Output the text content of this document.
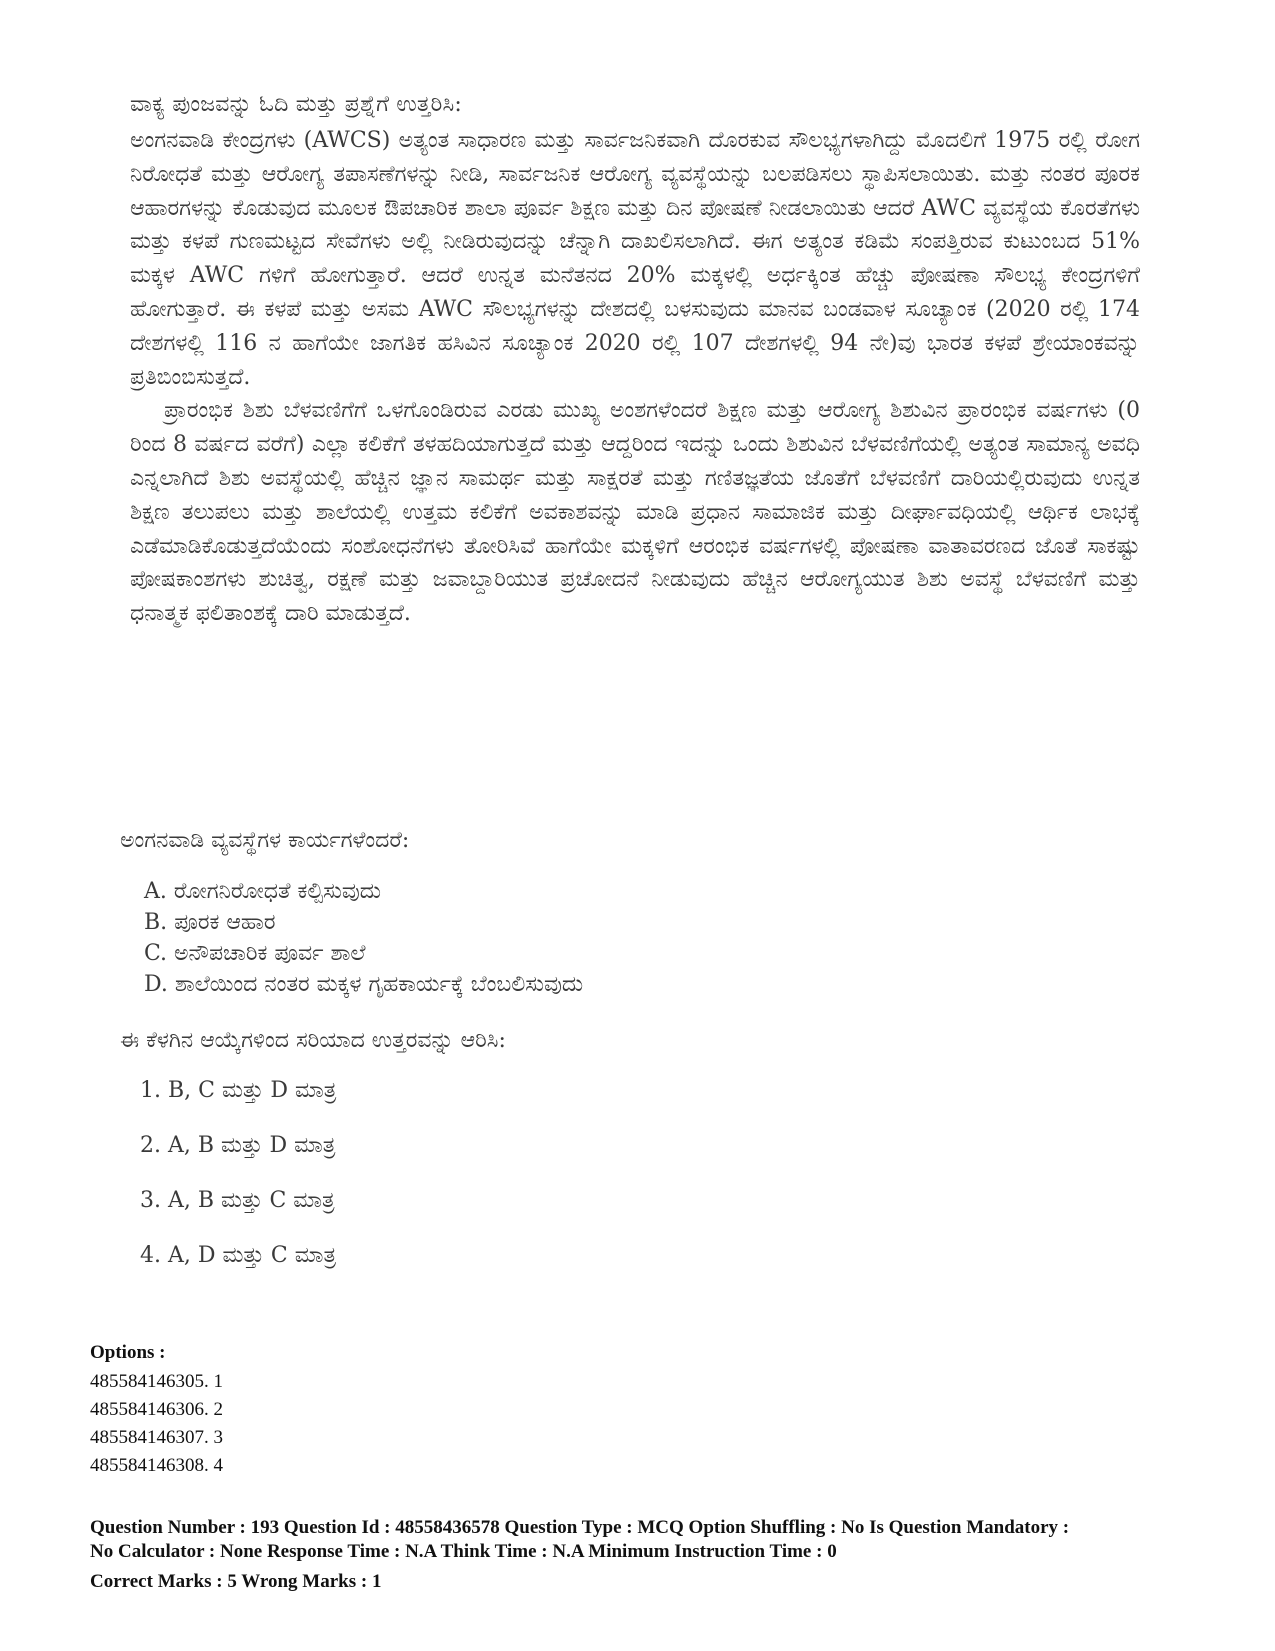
ವಾಕ್ಯ ಪುಂಜವನ್ನು ಓದಿ ಮತ್ತು ಪ್ರಶ್ನೆಗೆ ಉತ್ತರಿಸಿ:

ಅಂಗನವಾಡಿ ಕೇಂದ್ರಗಳು (AWCS) ಅತ್ಯಂತ ಸಾಧಾರಣ ಮತ್ತು ಸಾರ್ವಜನಿಕವಾಗಿ ದೊರಕುವ ಸೌಲಭ್ಯಗಳಾಗಿದ್ದು ಮೊದಲಿಗೆ 1975 ರಲ್ಲಿ ರೋಗ ನಿರೋಧತೆ ಮತ್ತು ಆರೋಗ್ಯ ತಪಾಸಣೆಗಳನ್ನು ನೀಡಿ, ಸಾರ್ವಜನಿಕ ಆರೋಗ್ಯ ವ್ಯವಸ್ಥೆಯನ್ನು ಬಲಪಡಿಸಲು ಸ್ಥಾಪಿಸಲಾಯಿತು. ಮತ್ತು ನಂತರ ಪೂರಕ ಆಹಾರಗಳನ್ನು ಕೊಡುವುದ ಮೂಲಕ ಔಪಚಾರಿಕ ಶಾಲಾ ಪೂರ್ವ ಶಿಕ್ಷಣ ಮತ್ತು ದಿನ ಪೋಷಣೆ ನೀಡಲಾಯಿತು ಆದರೆ AWC ವ್ಯವಸ್ಥೆಯ ಕೊರತೆಗಳು ಮತ್ತು ಕಳಪೆ ಗುಣಮಟ್ಟದ ಸೇವೆಗಳು ಅಲ್ಲಿ ನೀಡಿರುವುದನ್ನು ಚೆನ್ನಾಗಿ ದಾಖಲಿಸಲಾಗಿದೆ. ಈಗ ಅತ್ಯಂತ ಕಡಿಮೆ ಸಂಪತ್ತಿರುವ ಕುಟುಂಬದ 51% ಮಕ್ಕಳ AWC ಗಳಿಗೆ ಹೋಗುತ್ತಾರೆ. ಆದರೆ ಉನ್ನತ ಮನೆತನದ 20% ಮಕ್ಕಳಲ್ಲಿ ಅರ್ಧಕ್ಕಿಂತ ಹೆಚ್ಚು ಪೋಷಣಾ ಸೌಲಭ್ಯ ಕೇಂದ್ರಗಳಿಗೆ ಹೋಗುತ್ತಾರೆ. ಈ ಕಳಪೆ ಮತ್ತು ಅಸಮ AWC ಸೌಲಭ್ಯಗಳನ್ನು ದೇಶದಲ್ಲಿ ಬಳಸುವುದು ಮಾನವ ಬಂಡವಾಳ ಸೂಚ್ಯಾಂಕ (2020 ರಲ್ಲಿ 174 ದೇಶಗಳಲ್ಲಿ 116 ನ ಹಾಗೆಯೇ ಜಾಗತಿಕ ಹಸಿವಿನ ಸೂಚ್ಯಾಂಕ 2020 ರಲ್ಲಿ 107 ದೇಶಗಳಲ್ಲಿ 94 ನೇ)ವು ಭಾರತ ಕಳಪೆ ಶ್ರೇಯಾಂಕವನ್ನು ಪ್ರತಿಬಿಂಬಿಸುತ್ತದೆ.

ಪ್ರಾರಂಭಿಕ ಶಿಶು ಬೆಳವಣಿಗೆಗೆ ಒಳಗೊಂಡಿರುವ ಎರಡು ಮುಖ್ಯ ಅಂಶಗಳೆಂದರೆ ಶಿಕ್ಷಣ ಮತ್ತು ಆರೋಗ್ಯ ಶಿಶುವಿನ ಪ್ರಾರಂಭಿಕ ವರ್ಷಗಳು (0 ರಿಂದ 8 ವರ್ಷದ ವರೆಗೆ) ಎಲ್ಲಾ ಕಲಿಕೆಗೆ ತಳಹದಿಯಾಗುತ್ತದೆ ಮತ್ತು ಆದ್ದರಿಂದ ಇದನ್ನು ಒಂದು ಶಿಶುವಿನ ಬೆಳವಣಿಗೆಯಲ್ಲಿ ಅತ್ಯಂತ ಸಾಮಾನ್ಯ ಅವಧಿ ಎನ್ನಲಾಗಿದೆ ಶಿಶು ಅವಸ್ಥೆಯಲ್ಲಿ ಹೆಚ್ಚಿನ ಜ್ಞಾನ ಸಾಮರ್ಥ ಮತ್ತು ಸಾಕ್ಷರತೆ ಮತ್ತು ಗಣಿತಜ್ಞತೆಯ ಜೊತೆಗೆ ಬೆಳವಣಿಗೆ ದಾರಿಯಲ್ಲಿರುವುದು ಉನ್ನತ ಶಿಕ್ಷಣ ತಲುಪಲು ಮತ್ತು ಶಾಲೆಯಲ್ಲಿ ಉತ್ತಮ ಕಲಿಕೆಗೆ ಅವಕಾಶವನ್ನು ಮಾಡಿ ಪ್ರಧಾನ ಸಾಮಾಜಿಕ ಮತ್ತು ದೀರ್ಘಾವಧಿಯಲ್ಲಿ ಆರ್ಥಿಕ ಲಾಭಕ್ಕೆ ಎಡೆಮಾಡಿಕೊಡುತ್ತದೆಯೆಂದು ಸಂಶೋಧನೆಗಳು ತೋರಿಸಿವೆ ಹಾಗೆಯೇ ಮಕ್ಕಳಿಗೆ ಆರಂಭಿಕ ವರ್ಷಗಳಲ್ಲಿ ಪೋಷಣಾ ವಾತಾವರಣದ ಜೊತೆ ಸಾಕಷ್ಟು ಪೋಷಕಾಂಶಗಳು ಶುಚಿತ್ವ, ರಕ್ಷಣೆ ಮತ್ತು ಜವಾಬ್ದಾರಿಯುತ ಪ್ರಚೋದನೆ ನೀಡುವುದು ಹೆಚ್ಚಿನ ಆರೋಗ್ಯಯುತ ಶಿಶು ಅವಸ್ಥೆ ಬೆಳವಣಿಗೆ ಮತ್ತು ಧನಾತ್ಮಕ ಫಲಿತಾಂಶಕ್ಕೆ ದಾರಿ ಮಾಡುತ್ತದೆ.

ಅಂಗನವಾಡಿ ವ್ಯವಸ್ಥೆಗಳ ಕಾರ್ಯಗಳೆಂದರೆ:
A. ರೋಗನಿರೋಧತೆ ಕಲ್ಪಿಸುವುದು
B. ಪೂರಕ ಆಹಾರ
C. ಅನೌಪಚಾರಿಕ ಪೂರ್ವ ಶಾಲೆ
D. ಶಾಲೆಯಿಂದ ನಂತರ ಮಕ್ಕಳ ಗೃಹಕಾರ್ಯಕ್ಕೆ ಬೆಂಬಲಿಸುವುದು
ಈ ಕೆಳಗಿನ ಆಯ್ಕೆಗಳಿಂದ ಸರಿಯಾದ ಉತ್ತರವನ್ನು ಆರಿಸಿ:
1. B, C ಮತ್ತು D ಮಾತ್ರ
2. A, B ಮತ್ತು D ಮಾತ್ರ
3. A, B ಮತ್ತು C ಮಾತ್ರ
4. A, D ಮತ್ತು C ಮಾತ್ರ
Options :
485584146305. 1
485584146306. 2
485584146307. 3
485584146308. 4
Question Number : 193 Question Id : 48558436578 Question Type : MCQ Option Shuffling : No Is Question Mandatory :
No Calculator : None Response Time : N.A Think Time : N.A Minimum Instruction Time : 0
Correct Marks : 5 Wrong Marks : 1
